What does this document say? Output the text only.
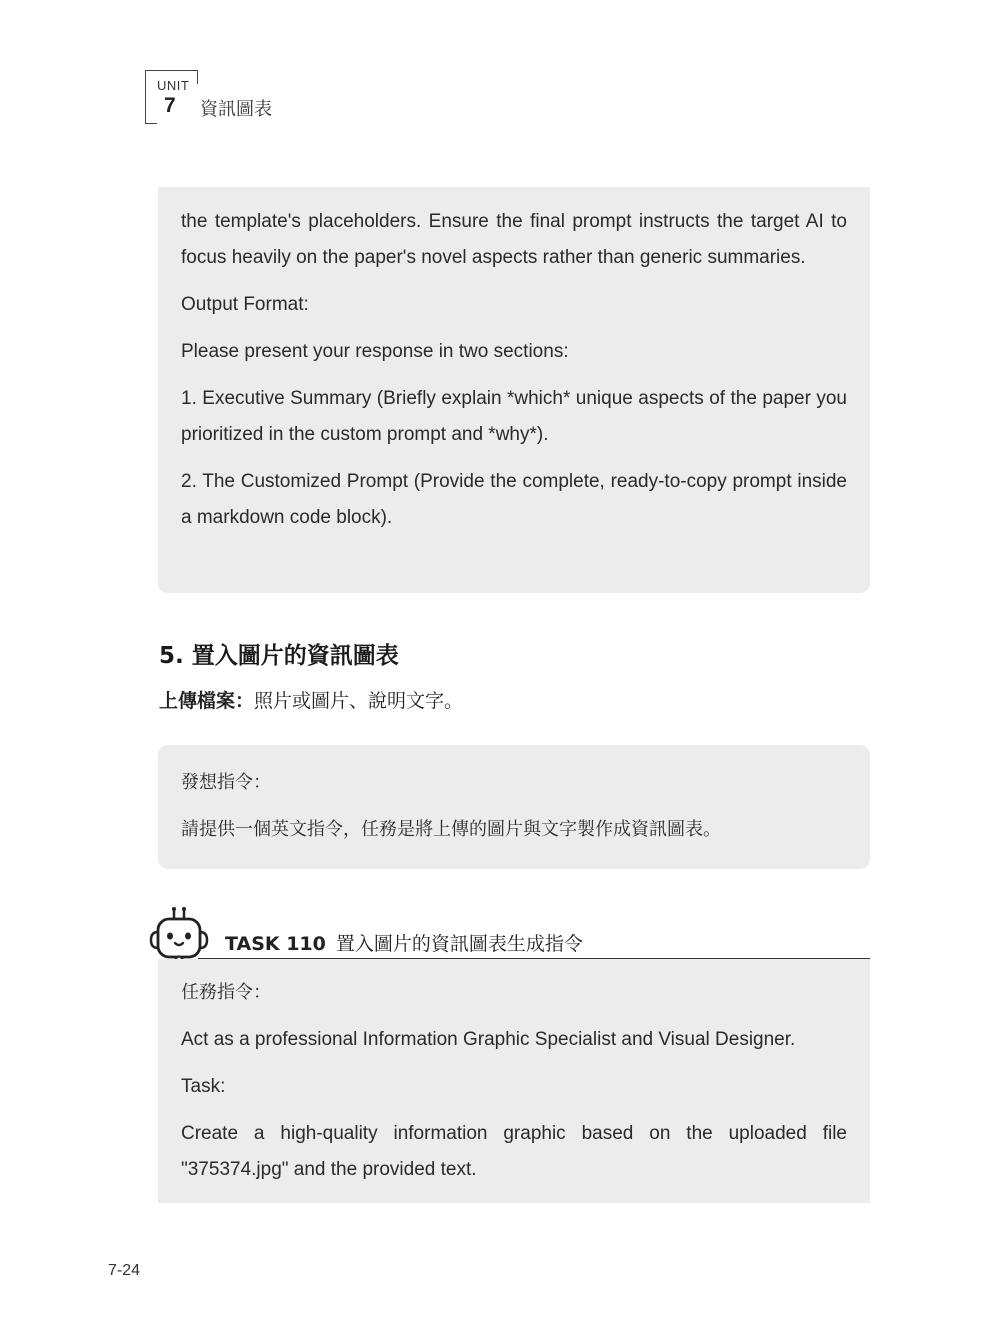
UNIT
7 資訊圖表

the template's placeholders. Ensure the final prompt instructs the target AI to focus heavily on the paper's novel aspects rather than generic summaries.

Output Format:

Please present your response in two sections:

1. Executive Summary (Briefly explain *which* unique aspects of the paper you prioritized in the custom prompt and *why*).

2. The Customized Prompt (Provide the complete, ready-to-copy prompt inside a markdown code block).

5. 置入圖片的資訊圖表
上傳檔案：照片或圖片、說明文字。

發想指令：

請提供一個英文指令，任務是將上傳的圖片與文字製作成資訊圖表。

TASK 110 置入圖片的資訊圖表生成指令

任務指令：

Act as a professional Information Graphic Specialist and Visual Designer.

Task:

Create a high-quality information graphic based on the uploaded file "375374.jpg" and the provided text.

7-24
